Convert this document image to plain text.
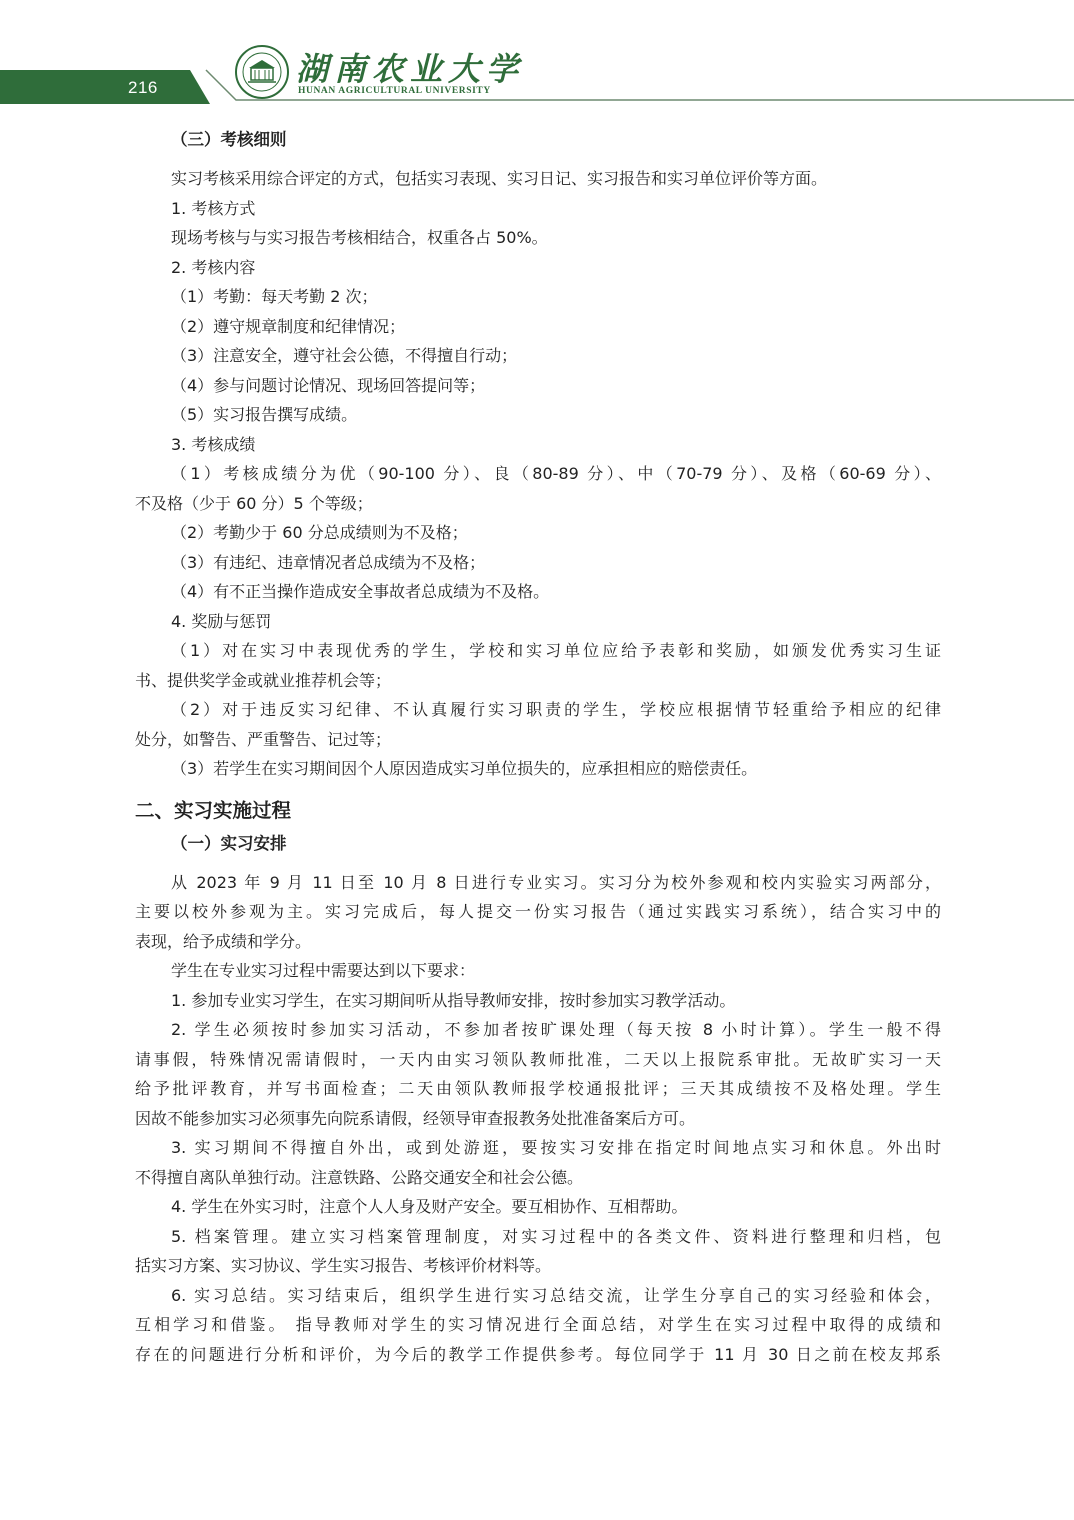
216	湖南农业大学
HUNAN AGRICULTURAL UNIVERSITY
（三）考核细则
实习考核采用综合评定的方式，包括实习表现、实习日记、实习报告和实习单位评价等方面。
1. 考核方式
现场考核与与实习报告考核相结合，权重各占 50%。
2. 考核内容
（1）考勤：每天考勤 2 次；
（2）遵守规章制度和纪律情况；
（3）注意安全，遵守社会公德，不得擅自行动；
（4）参与问题讨论情况、现场回答提问等；
（5）实习报告撰写成绩。
3. 考核成绩
（1）考核成绩分为优（90-100 分）、良（80-89 分）、中（70-79 分）、及格（60-69 分）、
不及格（少于 60 分）5 个等级；
（2）考勤少于 60 分总成绩则为不及格；
（3）有违纪、违章情况者总成绩为不及格；
（4）有不正当操作造成安全事故者总成绩为不及格。
4. 奖励与惩罚
（1）对在实习中表现优秀的学生，学校和实习单位应给予表彰和奖励，如颁发优秀实习生证
书、提供奖学金或就业推荐机会等；
（2）对于违反实习纪律、不认真履行实习职责的学生，学校应根据情节轻重给予相应的纪律
处分，如警告、严重警告、记过等；
（3）若学生在实习期间因个人原因造成实习单位损失的，应承担相应的赔偿责任。
二、实习实施过程
（一）实习安排
从 2023 年 9 月 11 日至 10 月 8 日进行专业实习。实习分为校外参观和校内实验实习两部分，
主要以校外参观为主。实习完成后，每人提交一份实习报告（通过实践实习系统），结合实习中的
表现，给予成绩和学分。
学生在专业实习过程中需要达到以下要求：
1. 参加专业实习学生，在实习期间听从指导教师安排，按时参加实习教学活动。
2. 学生必须按时参加实习活动，不参加者按旷课处理（每天按 8 小时计算）。学生一般不得
请事假，特殊情况需请假时，一天内由实习领队教师批准，二天以上报院系审批。无故旷实习一天
给予批评教育，并写书面检查；二天由领队教师报学校通报批评；三天其成绩按不及格处理。学生
因故不能参加实习必须事先向院系请假，经领导审查报教务处批准备案后方可。
3. 实习期间不得擅自外出，或到处游逛，要按实习安排在指定时间地点实习和休息。外出时
不得擅自离队单独行动。注意铁路、公路交通安全和社会公德。
4. 学生在外实习时，注意个人人身及财产安全。要互相协作、互相帮助。
5. 档案管理。建立实习档案管理制度，对实习过程中的各类文件、资料进行整理和归档，包
括实习方案、实习协议、学生实习报告、考核评价材料等。
6. 实习总结。实习结束后，组织学生进行实习总结交流，让学生分享自己的实习经验和体会，
互相学习和借鉴。 指导教师对学生的实习情况进行全面总结，对学生在实习过程中取得的成绩和
存在的问题进行分析和评价，为今后的教学工作提供参考。每位同学于 11 月 30 日之前在校友邦系
